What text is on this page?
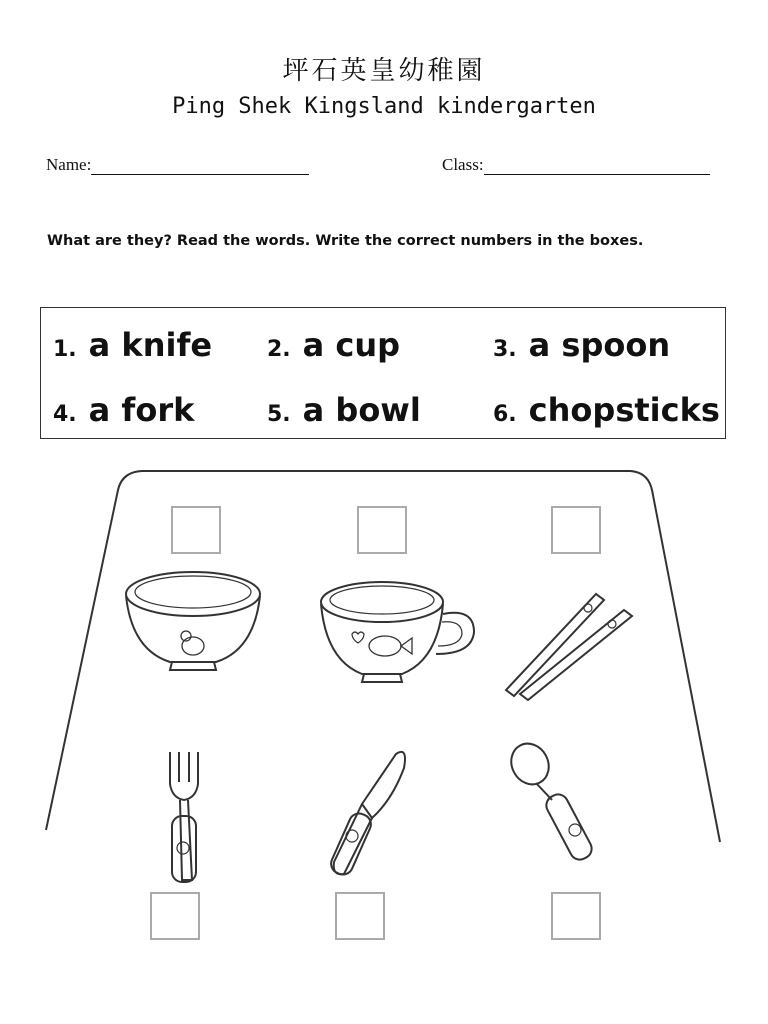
坪石英皇幼稚園
Ping Shek Kingsland kindergarten
Name:	Class:
What are they? Read the words. Write the correct numbers in the boxes.
1. a knife 2. a cup	3. a spoon
4. a fork	5. a bowl	6. chopsticks
